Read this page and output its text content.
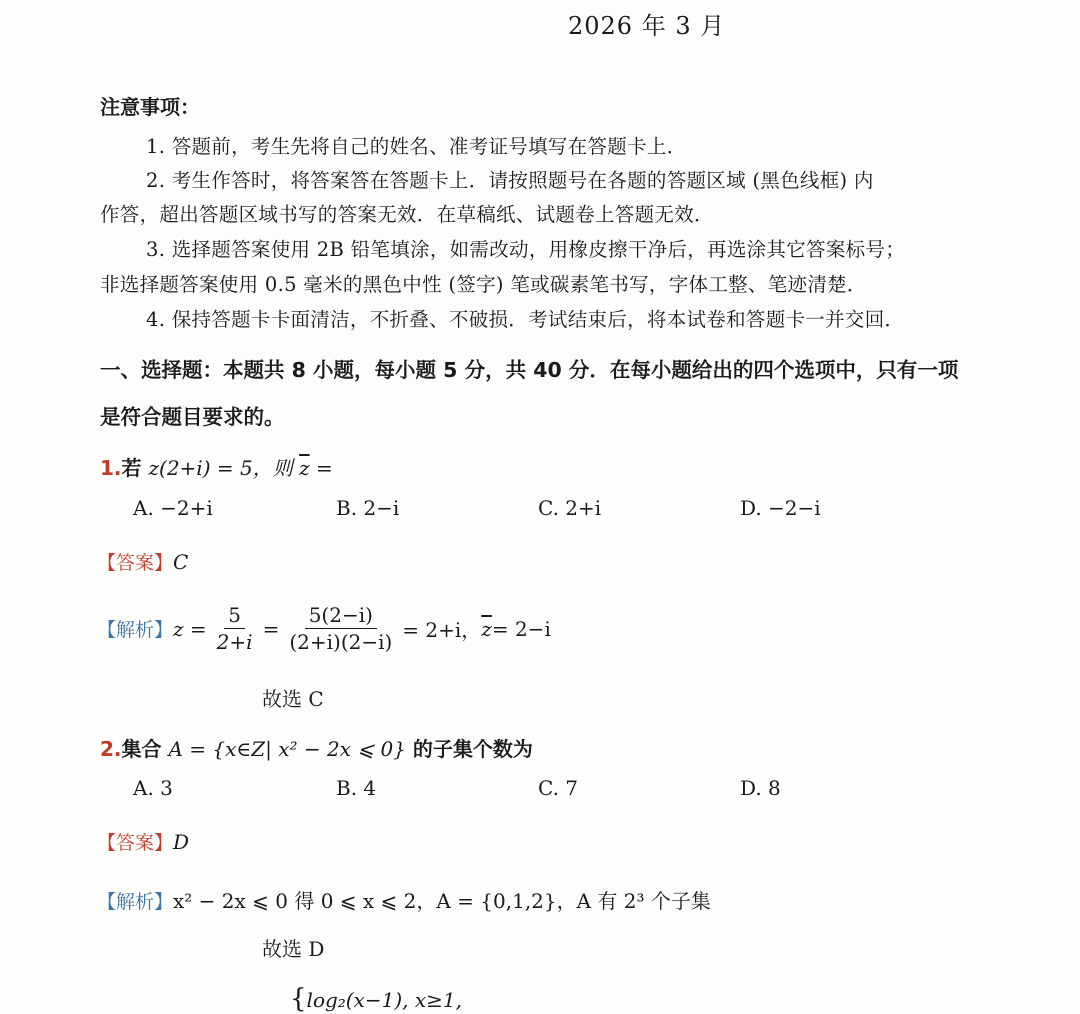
2026 年 3 月
注意事项：
1. 答题前，考生先将自己的姓名、准考证号填写在答题卡上．
2. 考生作答时，将答案答在答题卡上．请按照题号在各题的答题区域 (黑色线框) 内
作答，超出答题区域书写的答案无效．在草稿纸、试题卷上答题无效．
3. 选择题答案使用 2B 铅笔填涂，如需改动，用橡皮擦干净后，再选涂其它答案标号；
非选择题答案使用 0.5 毫米的黑色中性 (签字) 笔或碳素笔书写，字体工整、笔迹清楚．
4. 保持答题卡卡面清洁，不折叠、不破损．考试结束后，将本试卷和答题卡一并交回．
一、选择题：本题共 8 小题，每小题 5 分，共 40 分．在每小题给出的四个选项中，只有一项
是符合题目要求的。
1.若 z(2+i) = 5，则 $\overline{z}$ =
A. −2+i	B. 2−i	C. 2+i	D. −2−i
【答案】C
【解析】 $z = \frac{5}{2+i} = \frac{5(2-i)}{(2+i)(2-i)} = 2+i$， $\overline{z} = 2-i$
故选 C
2.集合 A = {x∈Z| x² − 2x ⩽ 0} 的子集个数为
A. 3	B. 4	C. 7	D. 8
【答案】D
【解析】x² − 2x ⩽ 0 得 0 ⩽ x ⩽ 2，A = {0,1,2}，A 有 2³ 个子集
故选 D
{log₂(x−1), x≥1,
